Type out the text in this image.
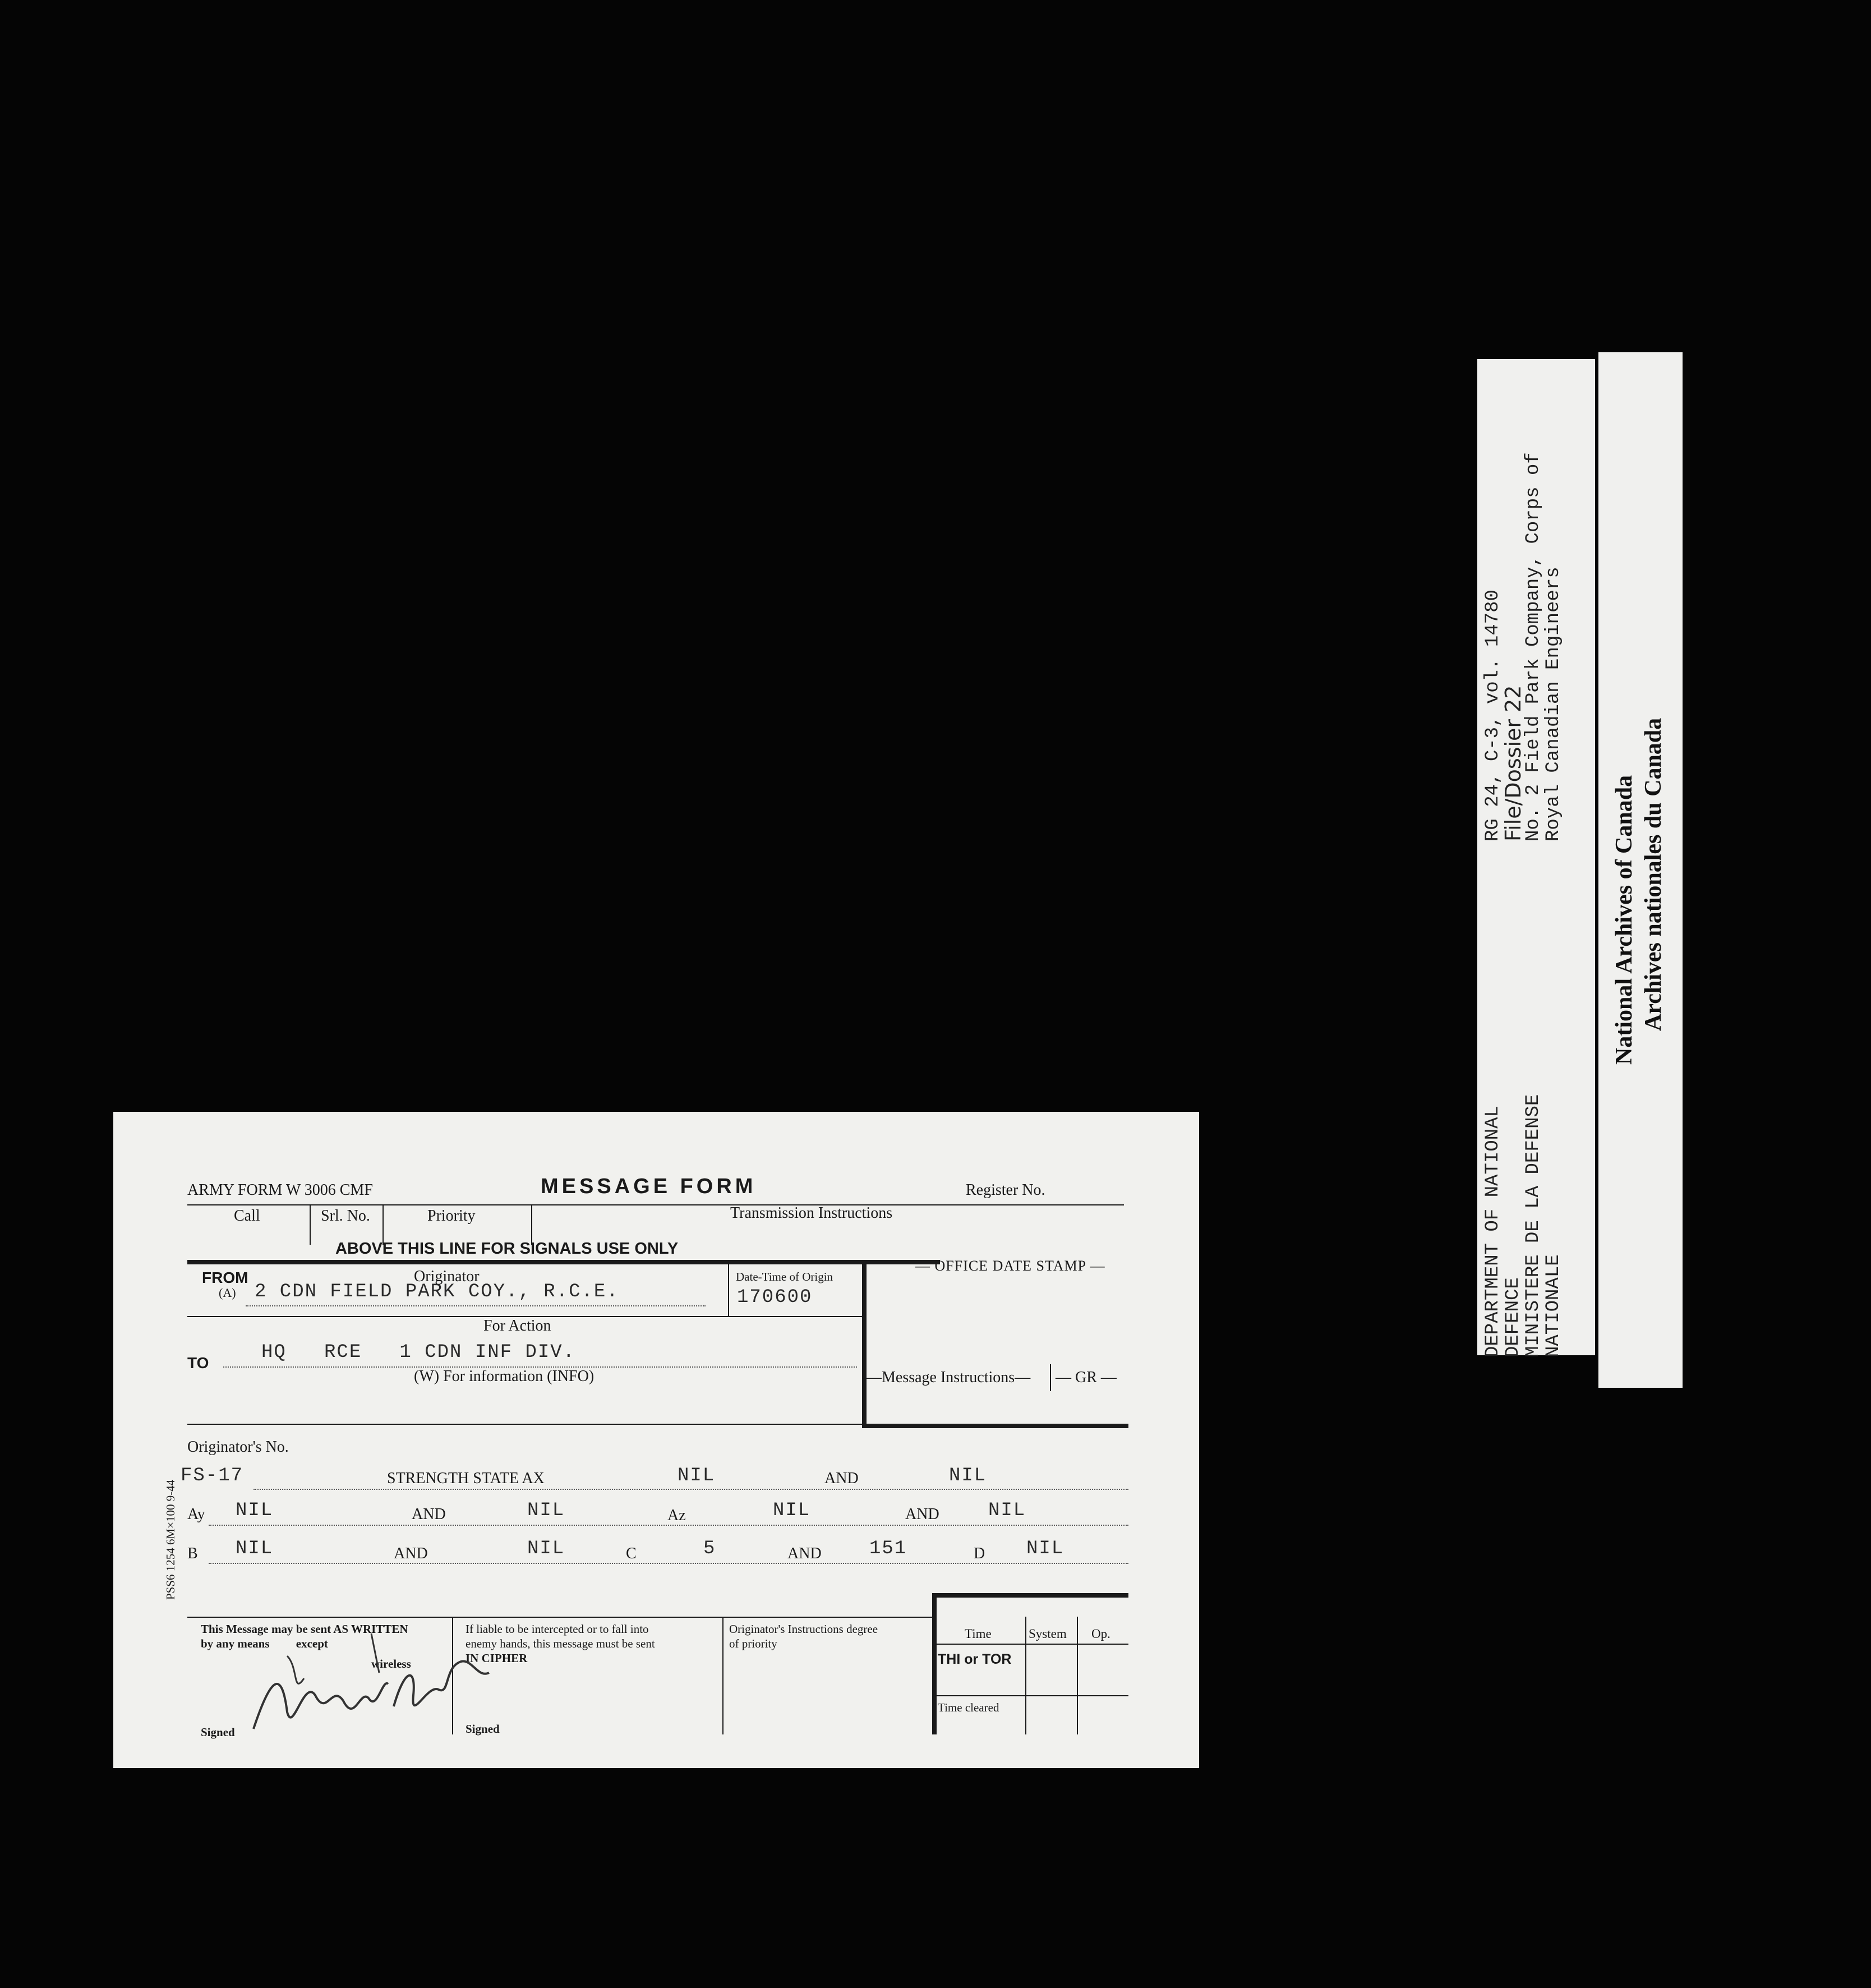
ARMY FORM W 3006 CMF	MESSAGE FORM	Register No.
Call	Srl. No.	Priority	Transmission Instructions
ABOVE THIS LINE FOR SIGNALS USE ONLY
FROM
(A)
Originator
2 CDN FIELD PARK COY., R.C.E.
Date-Time of Origin
170600
— OFFICE DATE STAMP —
For Action
TO	HQ   RCE   1 CDN INF DIV.
(W) For information (INFO)	—Message Instructions— — GR —
PSS6 1254 6M×100 9-44
Originator's No.
FS-17	STRENGTH STATE AX	NIL	AND	NIL
Ay NIL	AND	NIL	Az	NIL	AND	NIL
B NIL	AND	NIL	C	5	AND	151	D NIL
This Message may be sent AS WRITTEN
by any means         except
wireless
If liable to be intercepted or to fall into
enemy hands, this message must be sent
IN CIPHER
Originator's Instructions degree
of priority
Time	System Op.
THI or TOR
Time cleared
Signed	Signed
DEPARTMENT OF NATIONAL
DEFENCE
MINISTERE DE LA DEFENSE
NATIONALE
RG 24, C-3, vol. 14780
File/Dossier 22
No. 2 Field Park Company, Corps of
Royal Canadian Engineers
National Archives of Canada Archives nationales du Canada
